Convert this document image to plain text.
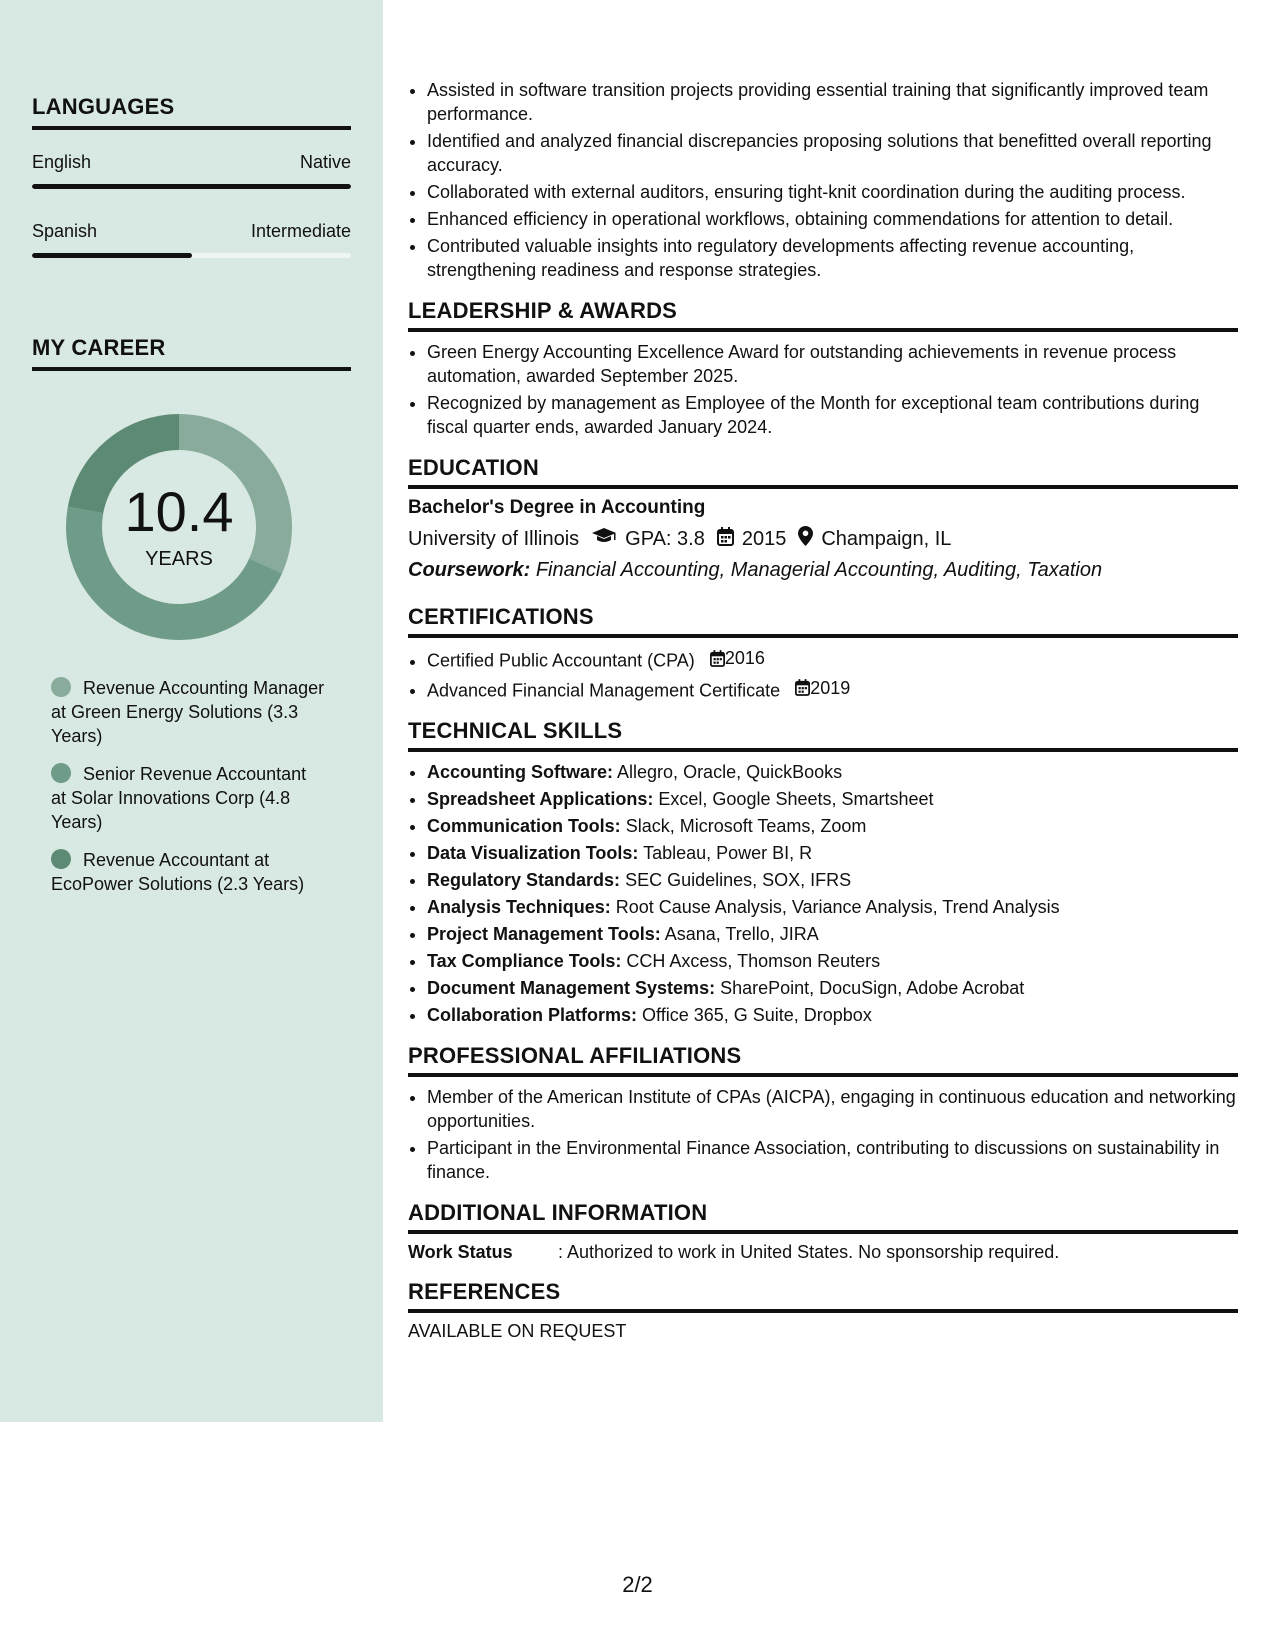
LANGUAGES
English	Native
Spanish	Intermediate
MY CAREER
10.4
YEARS
Revenue Accounting Manager at Green Energy Solutions (3.3 Years)
Senior Revenue Accountant at Solar Innovations Corp (4.8 Years)
Revenue Accountant at EcoPower Solutions (2.3 Years)
• Assisted in software transition projects providing essential training that significantly improved team performance.
• Identified and analyzed financial discrepancies proposing solutions that benefitted overall reporting accuracy.
• Collaborated with external auditors, ensuring tight-knit coordination during the auditing process.
• Enhanced efficiency in operational workflows, obtaining commendations for attention to detail.
• Contributed valuable insights into regulatory developments affecting revenue accounting, strengthening readiness and response strategies.
LEADERSHIP & AWARDS
• Green Energy Accounting Excellence Award for outstanding achievements in revenue process automation, awarded September 2025.
• Recognized by management as Employee of the Month for exceptional team contributions during fiscal quarter ends, awarded January 2024.
EDUCATION
Bachelor's Degree in Accounting
University of Illinois GPA: 3.8 2015 Champaign, IL
Coursework: Financial Accounting, Managerial Accounting, Auditing, Taxation
CERTIFICATIONS
• Certified Public Accountant (CPA) 2016
• Advanced Financial Management Certificate 2019
TECHNICAL SKILLS
• Accounting Software: Allegro, Oracle, QuickBooks
• Spreadsheet Applications: Excel, Google Sheets, Smartsheet
• Communication Tools: Slack, Microsoft Teams, Zoom
• Data Visualization Tools: Tableau, Power BI, R
• Regulatory Standards: SEC Guidelines, SOX, IFRS
• Analysis Techniques: Root Cause Analysis, Variance Analysis, Trend Analysis
• Project Management Tools: Asana, Trello, JIRA
• Tax Compliance Tools: CCH Axcess, Thomson Reuters
• Document Management Systems: SharePoint, DocuSign, Adobe Acrobat
• Collaboration Platforms: Office 365, G Suite, Dropbox
PROFESSIONAL AFFILIATIONS
• Member of the American Institute of CPAs (AICPA), engaging in continuous education and networking opportunities.
• Participant in the Environmental Finance Association, contributing to discussions on sustainability in finance.
ADDITIONAL INFORMATION
Work Status	: Authorized to work in United States. No sponsorship required.
REFERENCES
AVAILABLE ON REQUEST
2/2
